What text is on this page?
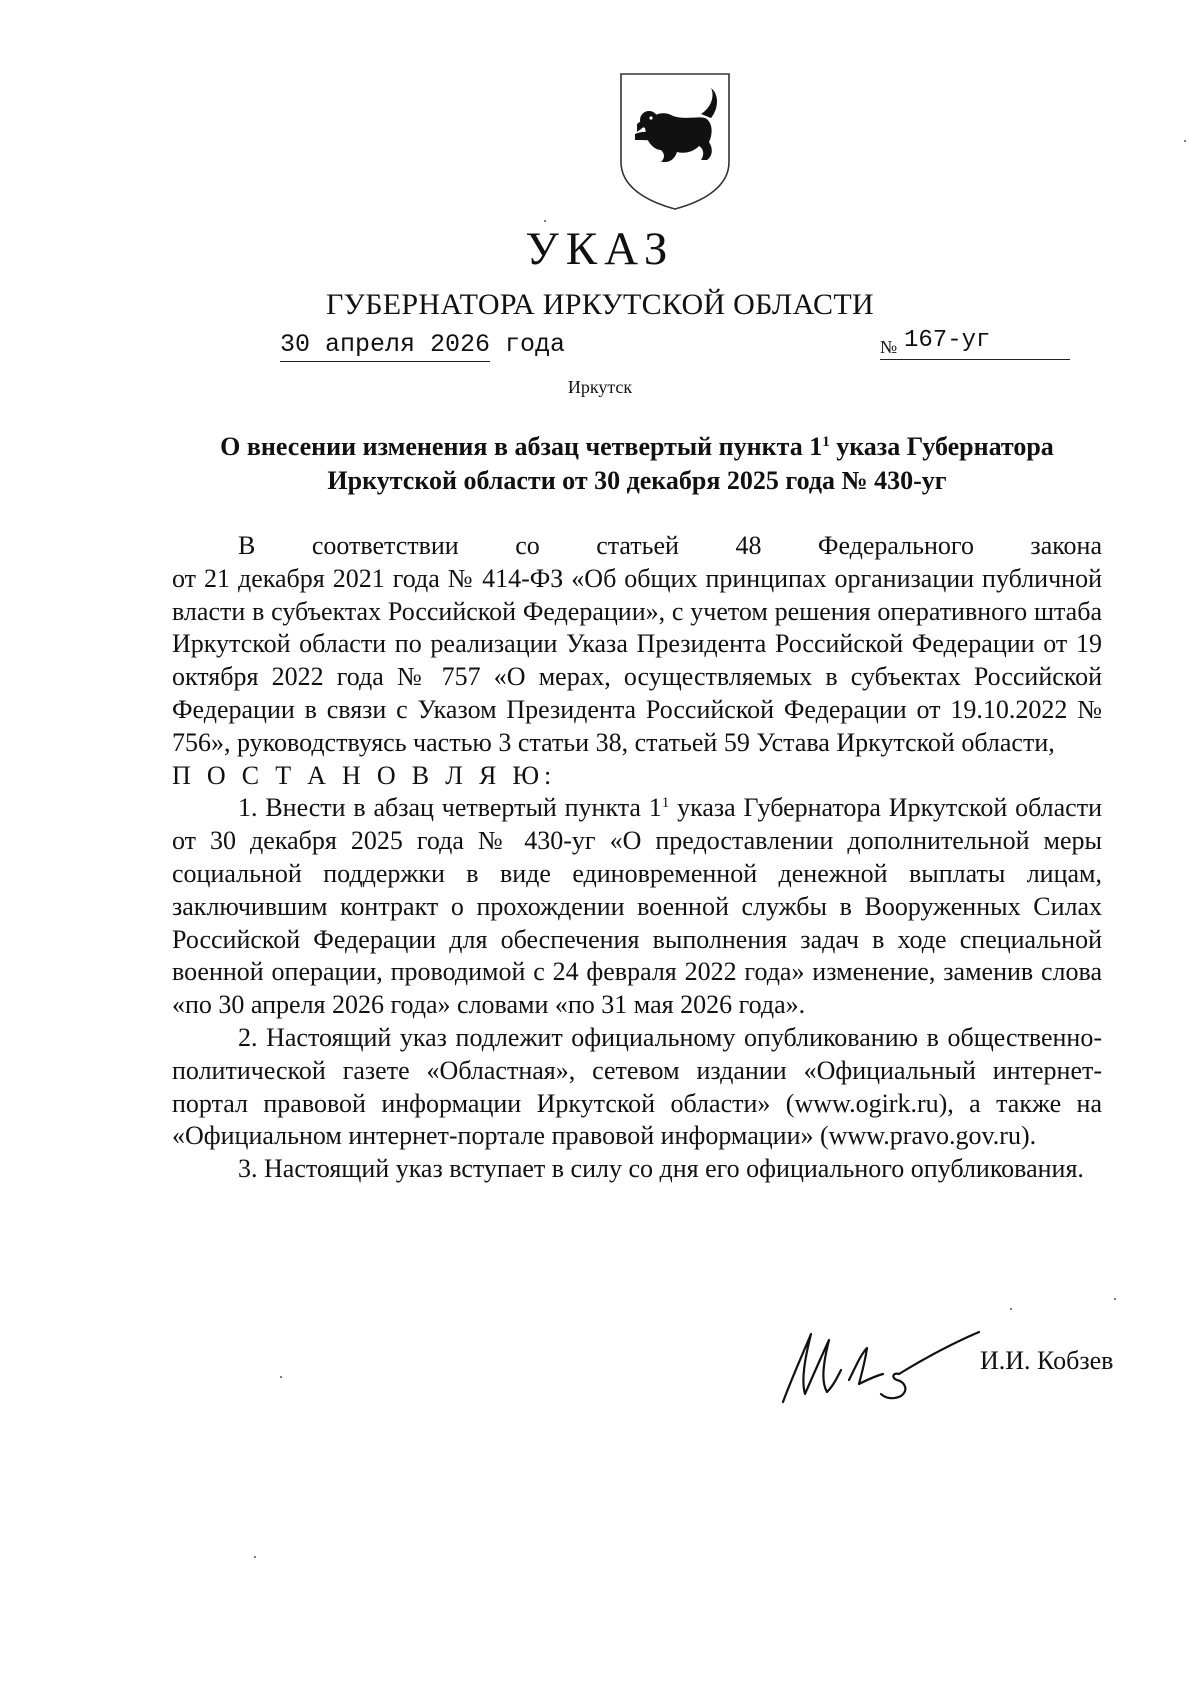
УКАЗ
ГУБЕРНАТОРА ИРКУТСКОЙ ОБЛАСТИ
30 апреля 2026 года	№ 167-уг
Иркутск
О внесении изменения в абзац четвертый пункта $1^1$ указа Губернатора
Иркутской области от 30 декабря 2025 года № 430-уг

В соответствии со статьей 48 Федерального закона

от 21 декабря 2021 года № 414-ФЗ «Об общих принципах организации публичной власти в субъектах Российской Федерации», с учетом решения оперативного штаба Иркутской области по реализации Указа Президента Российской Федерации от 19 октября 2022 года № 757 «О мерах, осуществляемых в субъектах Российской Федерации в связи с Указом Президента Российской Федерации от 19.10.2022 № 756», руководствуясь частью 3 статьи 38, статьей 59 Устава Иркутской области,

П О С Т А Н О В Л Я Ю:

1. Внести в абзац четвертый пункта $1^1$ указа Губернатора Иркутской области от 30 декабря 2025 года № 430-уг «О предоставлении дополнительной меры социальной поддержки в виде единовременной денежной выплаты лицам, заключившим контракт о прохождении военной службы в Вооруженных Силах Российской Федерации для обеспечения выполнения задач в ходе специальной военной операции, проводимой с 24 февраля 2022 года» изменение, заменив слова «по 30 апреля 2026 года» словами «по 31 мая 2026 года».

2. Настоящий указ подлежит официальному опубликованию в общественно-политической газете «Областная», сетевом издании «Официальный интернет-портал правовой информации Иркутской области» (www.ogirk.ru), а также на «Официальном интернет-портале правовой информации» (www.pravo.gov.ru).

3. Настоящий указ вступает в силу со дня его официального опубликования.

И.И. Кобзев
